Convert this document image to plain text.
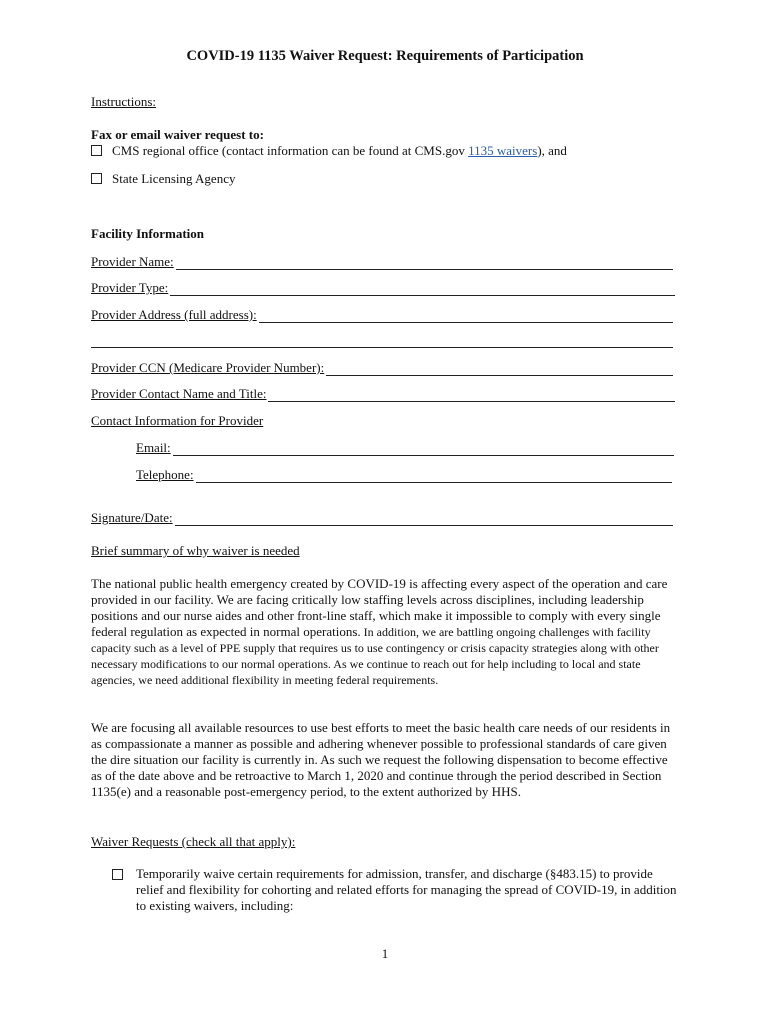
COVID-19 1135 Waiver Request: Requirements of Participation
Instructions:
Fax or email waiver request to:
CMS regional office (contact information can be found at CMS.gov 1135 waivers), and
State Licensing Agency
Facility Information
Provider Name:
Provider Type:
Provider Address (full address):
Provider CCN (Medicare Provider Number):
Provider Contact Name and Title:
Contact Information for Provider
Email:
Telephone:
Signature/Date:
Brief summary of why waiver is needed
The national public health emergency created by COVID-19 is affecting every aspect of the operation and care provided in our facility. We are facing critically low staffing levels across disciplines, including leadership positions and our nurse aides and other front-line staff, which make it impossible to comply with every single federal regulation as expected in normal operations. In addition, we are battling ongoing challenges with facility capacity such as a level of PPE supply that requires us to use contingency or crisis capacity strategies along with other necessary modifications to our normal operations. As we continue to reach out for help including to local and state agencies, we need additional flexibility in meeting federal requirements.
We are focusing all available resources to use best efforts to meet the basic health care needs of our residents in as compassionate a manner as possible and adhering whenever possible to professional standards of care given the dire situation our facility is currently in. As such we request the following dispensation to become effective as of the date above and be retroactive to March 1, 2020 and continue through the period described in Section 1135(e) and a reasonable post-emergency period, to the extent authorized by HHS.
Waiver Requests (check all that apply):
Temporarily waive certain requirements for admission, transfer, and discharge (§483.15) to provide relief and flexibility for cohorting and related efforts for managing the spread of COVID-19, in addition to existing waivers, including:
1
